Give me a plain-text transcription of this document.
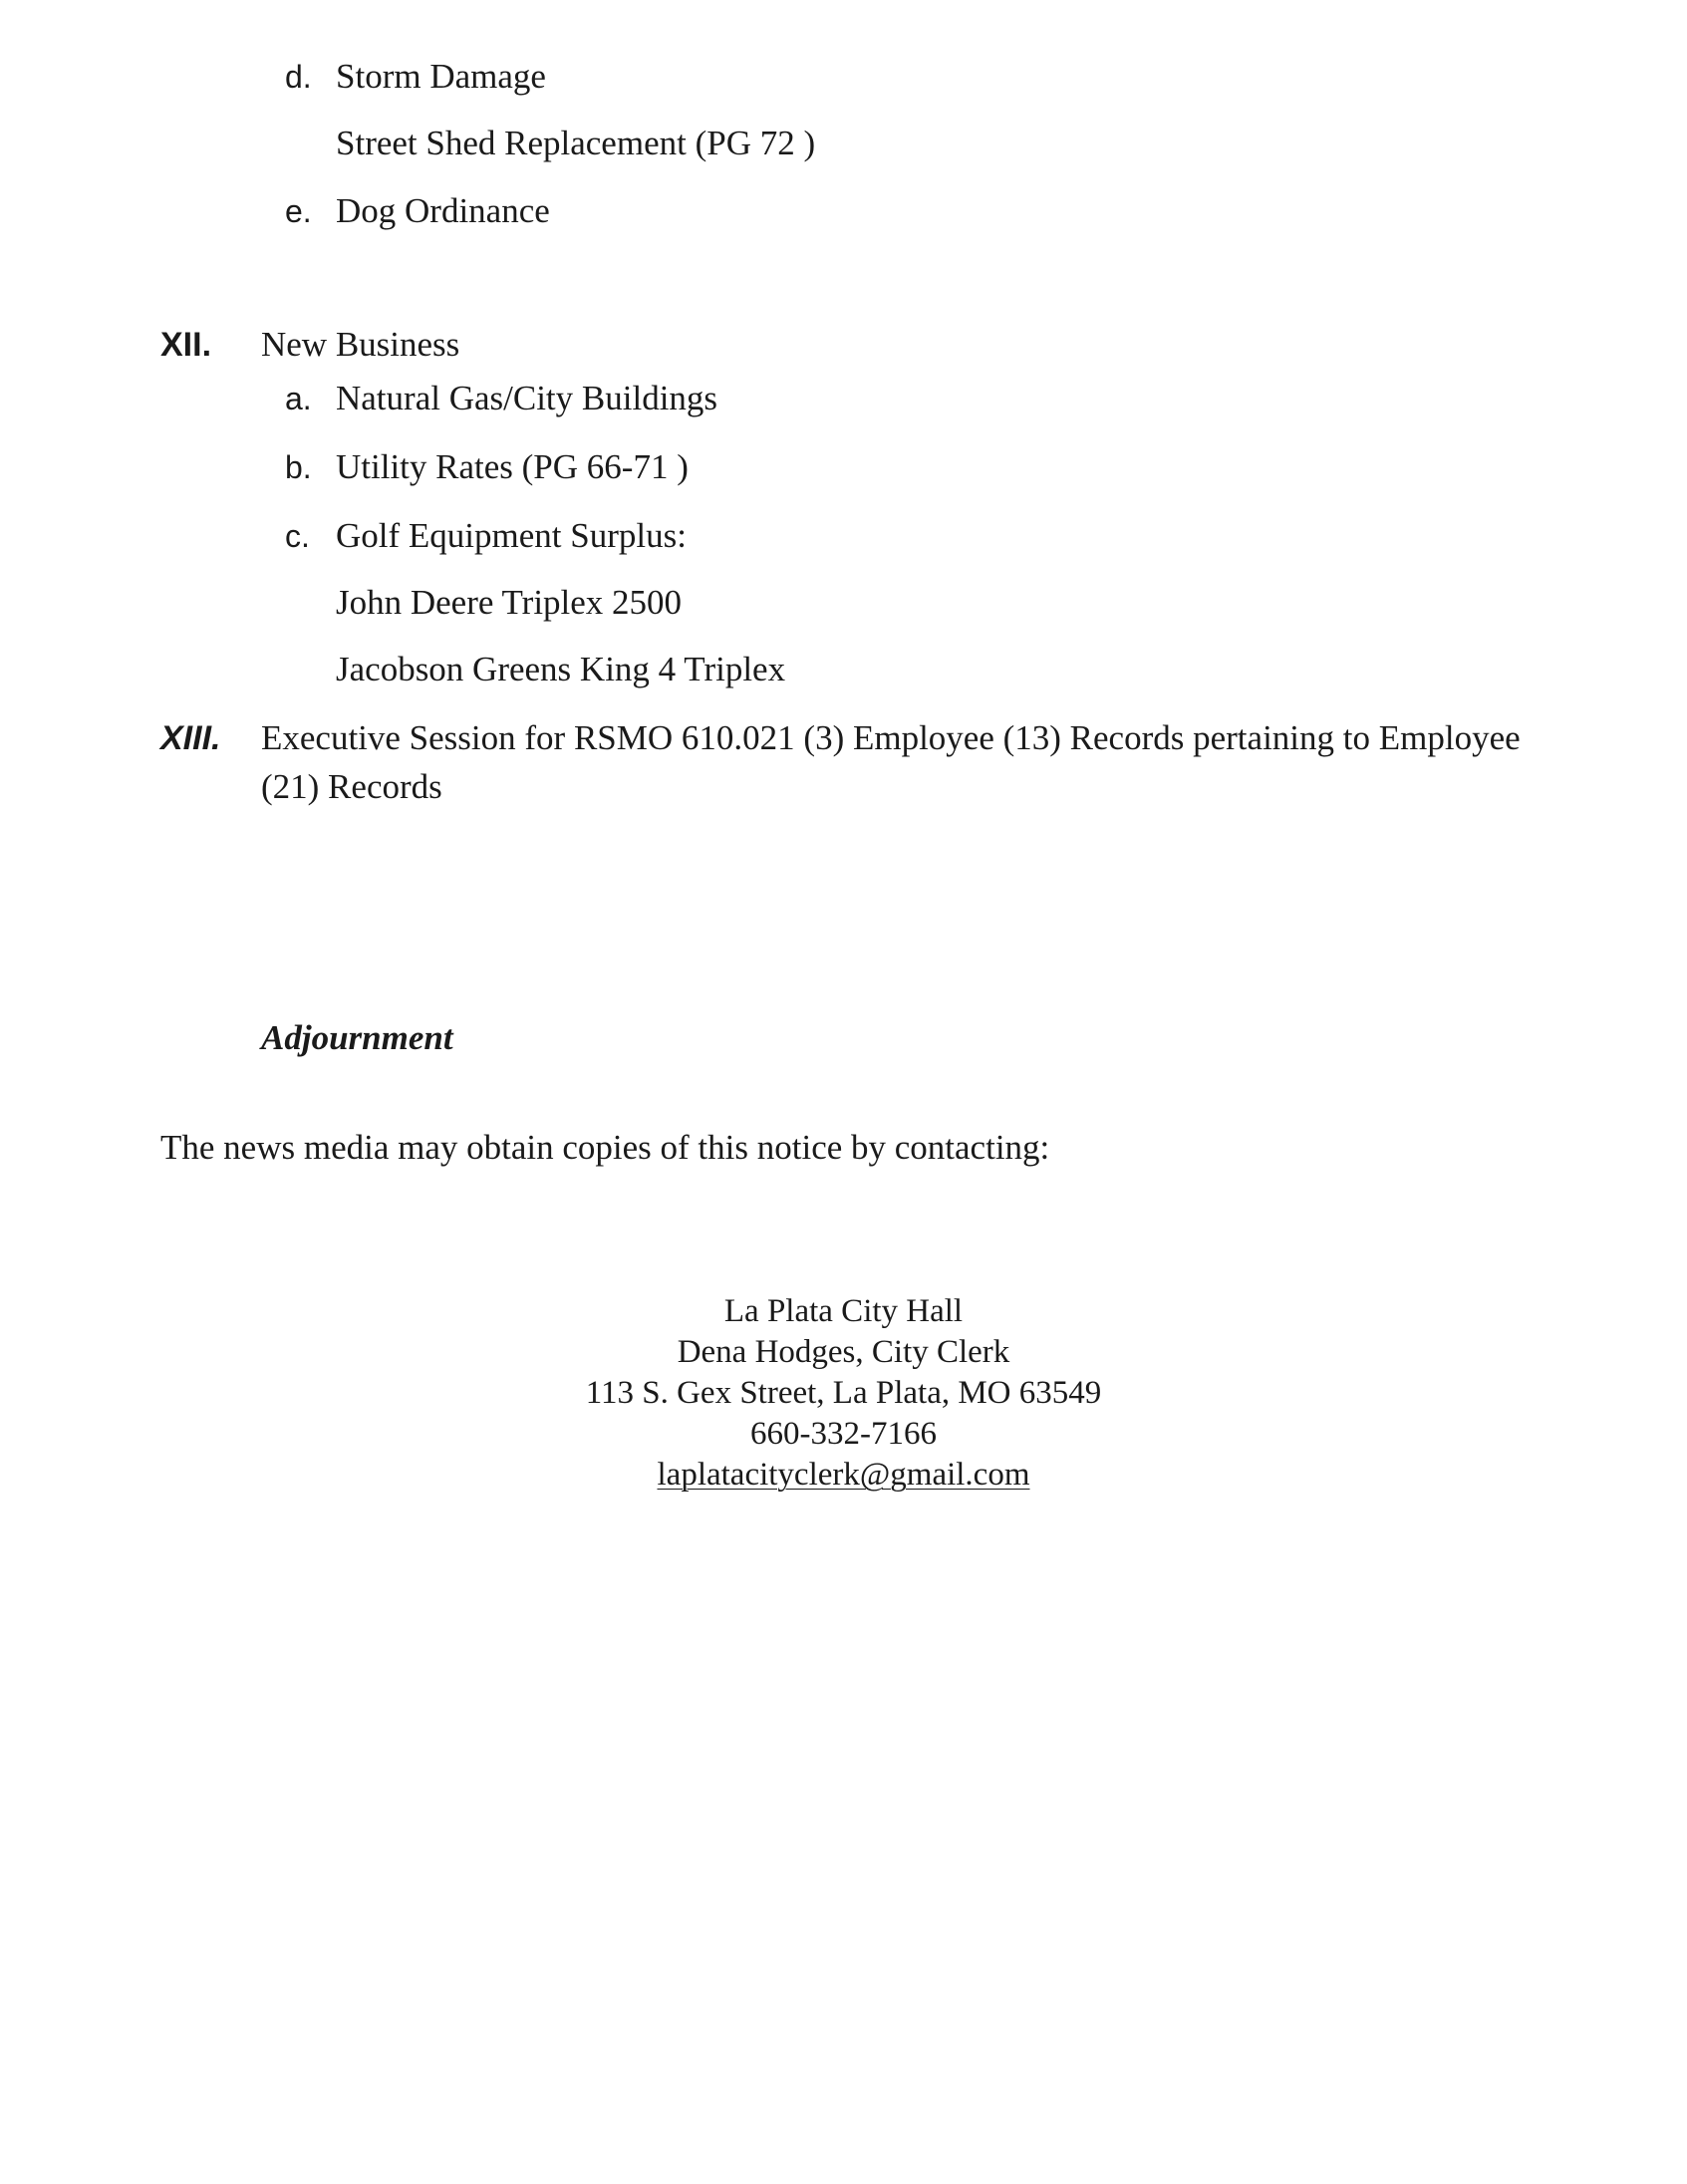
d. Storm Damage
Street Shed Replacement (PG 72 )
e. Dog Ordinance
XII. New Business
a. Natural Gas/City Buildings
b. Utility Rates (PG 66-71 )
c. Golf Equipment Surplus:
John Deere Triplex 2500
Jacobson Greens King 4 Triplex
XIII. Executive Session for RSMO 610.021 (3) Employee (13) Records pertaining to Employee
(21) Records
Adjournment
The news media may obtain copies of this notice by contacting:
La Plata City Hall
Dena Hodges, City Clerk
113 S. Gex Street, La Plata, MO 63549
660-332-7166
laplatacityclerk@gmail.com
